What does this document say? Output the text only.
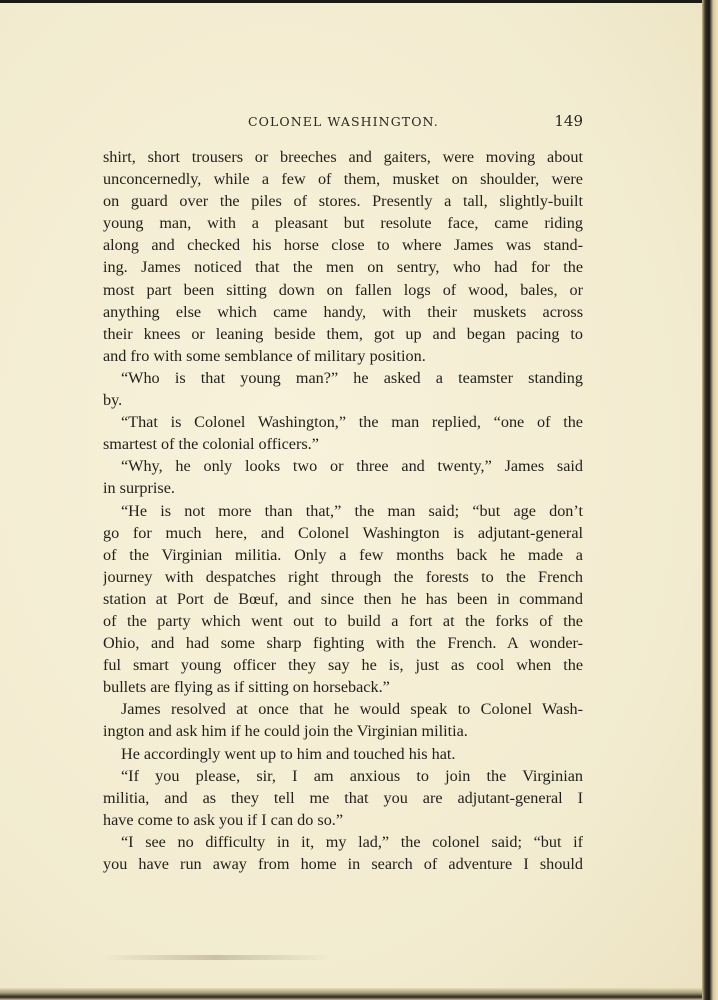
COLONEL WASHINGTON.	149
shirt, short trousers or breeches and gaiters, were moving about
unconcernedly, while a few of them, musket on shoulder, were
on guard over the piles of stores. Presently a tall, slightly-built
young man, with a pleasant but resolute face, came riding
along and checked his horse close to where James was stand-
ing. James noticed that the men on sentry, who had for the
most part been sitting down on fallen logs of wood, bales, or
anything else which came handy, with their muskets across
their knees or leaning beside them, got up and began pacing to
and fro with some semblance of military position.
“Who is that young man?” he asked a teamster standing
by.
“That is Colonel Washington,” the man replied, “one of the
smartest of the colonial officers.”
“Why, he only looks two or three and twenty,” James said
in surprise.
“He is not more than that,” the man said; “but age don’t
go for much here, and Colonel Washington is adjutant-general
of the Virginian militia. Only a few months back he made a
journey with despatches right through the forests to the French
station at Port de Bœuf, and since then he has been in command
of the party which went out to build a fort at the forks of the
Ohio, and had some sharp fighting with the French. A wonder-
ful smart young officer they say he is, just as cool when the
bullets are flying as if sitting on horseback.”
James resolved at once that he would speak to Colonel Wash-
ington and ask him if he could join the Virginian militia.
He accordingly went up to him and touched his hat.
“If you please, sir, I am anxious to join the Virginian
militia, and as they tell me that you are adjutant-general I
have come to ask you if I can do so.”
“I see no difficulty in it, my lad,” the colonel said; “but if
you have run away from home in search of adventure I should
